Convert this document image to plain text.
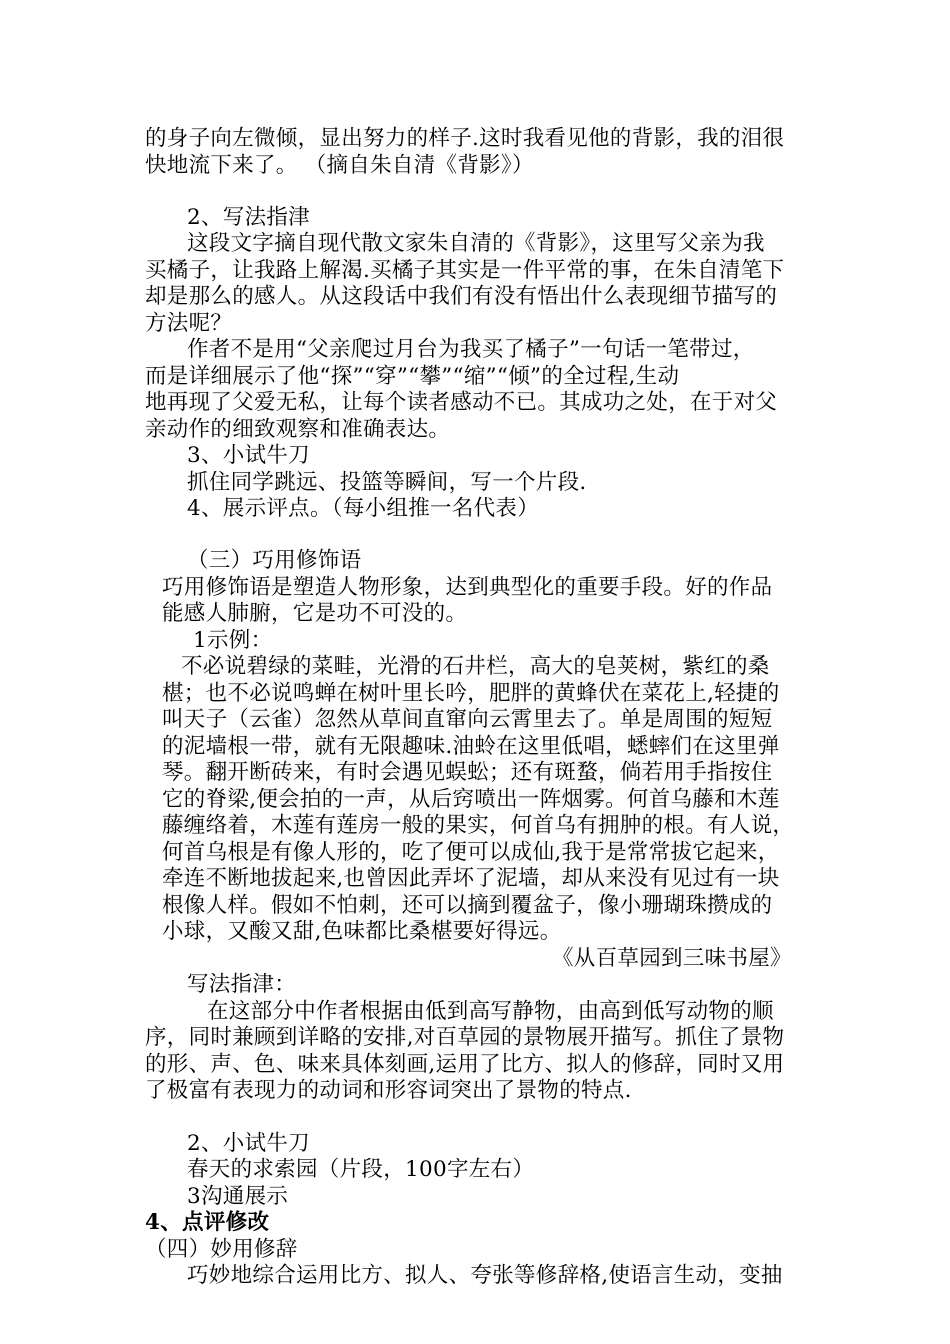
的身子向左微倾，显出努力的样子.这时我看见他的背影，我的泪很
快地流下来了。 （摘自朱自清《背影》）
2、写法指津
这段文字摘自现代散文家朱自清的《背影》，这里写父亲为我
买橘子，让我路上解渴.买橘子其实是一件平常的事，在朱自清笔下
却是那么的感人。从这段话中我们有没有悟出什么表现细节描写的
方法呢？
作者不是用“父亲爬过月台为我买了橘子”一句话一笔带过，
而是详细展示了他“探”“穿”“攀”“缩”“倾”的全过程,生动
地再现了父爱无私，让每个读者感动不已。其成功之处，在于对父
亲动作的细致观察和准确表达。
3、小试牛刀
抓住同学跳远、投篮等瞬间，写一个片段.
4、展示评点。（每小组推一名代表）
（三）巧用修饰语
巧用修饰语是塑造人物形象，达到典型化的重要手段。好的作品
能感人肺腑，它是功不可没的。
1示例：
不必说碧绿的菜畦，光滑的石井栏，高大的皂荚树，紫红的桑
椹；也不必说鸣蝉在树叶里长吟，肥胖的黄蜂伏在菜花上,轻捷的
叫天子（云雀）忽然从草间直窜向云霄里去了。单是周围的短短
的泥墙根一带，就有无限趣味.油蛉在这里低唱，蟋蟀们在这里弹
琴。翻开断砖来，有时会遇见蜈蚣；还有斑蝥，倘若用手指按住
它的脊梁,便会拍的一声，从后窍喷出一阵烟雾。何首乌藤和木莲
藤缠络着，木莲有莲房一般的果实，何首乌有拥肿的根。有人说，
何首乌根是有像人形的，吃了便可以成仙,我于是常常拔它起来，
牵连不断地拔起来,也曾因此弄坏了泥墙，却从来没有见过有一块
根像人样。假如不怕刺，还可以摘到覆盆子，像小珊瑚珠攒成的
小球，又酸又甜,色味都比桑椹要好得远。
《从百草园到三味书屋》
写法指津：
在这部分中作者根据由低到高写静物，由高到低写动物的顺
序，同时兼顾到详略的安排,对百草园的景物展开描写。抓住了景物
的形、声、色、味来具体刻画,运用了比方、拟人的修辞，同时又用
了极富有表现力的动词和形容词突出了景物的特点.
2、小试牛刀
春天的求索园（片段，100字左右）
3沟通展示
4、点评修改
（四）妙用修辞
巧妙地综合运用比方、拟人、夸张等修辞格,使语言生动，变抽
